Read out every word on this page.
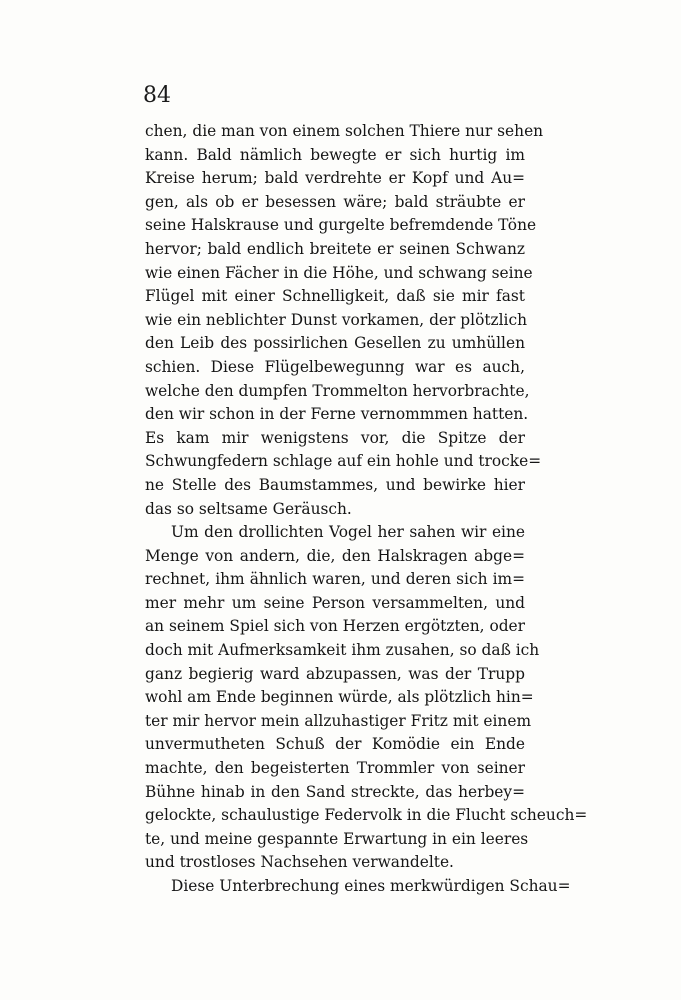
84
chen, die man von einem solchen Thiere nur sehen
kann. Bald nämlich bewegte er sich hurtig im
Kreise herum; bald verdrehte er Kopf und Au=
gen, als ob er besessen wäre; bald sträubte er
seine Halskrause und gurgelte befremdende Töne
hervor; bald endlich breitete er seinen Schwanz
wie einen Fächer in die Höhe, und schwang seine
Flügel mit einer Schnelligkeit, daß sie mir fast
wie ein neblichter Dunst vorkamen, der plötzlich
den Leib des possirlichen Gesellen zu umhüllen
schien. Diese Flügelbewegunng war es auch,
welche den dumpfen Trommelton hervorbrachte,
den wir schon in der Ferne vernommmen hatten.
Es kam mir wenigstens vor, die Spitze der
Schwungfedern schlage auf ein hohle und trocke=
ne Stelle des Baumstammes, und bewirke hier
das so seltsame Geräusch.
Um den drollichten Vogel her sahen wir eine
Menge von andern, die, den Halskragen abge=
rechnet, ihm ähnlich waren, und deren sich im=
mer mehr um seine Person versammelten, und
an seinem Spiel sich von Herzen ergötzten, oder
doch mit Aufmerksamkeit ihm zusahen, so daß ich
ganz begierig ward abzupassen, was der Trupp
wohl am Ende beginnen würde, als plötzlich hin=
ter mir hervor mein allzuhastiger Fritz mit einem
unvermutheten Schuß der Komödie ein Ende
machte, den begeisterten Trommler von seiner
Bühne hinab in den Sand streckte, das herbey=
gelockte, schaulustige Federvolk in die Flucht scheuch=
te, und meine gespannte Erwartung in ein leeres
und trostloses Nachsehen verwandelte.
Diese Unterbrechung eines merkwürdigen Schau=
